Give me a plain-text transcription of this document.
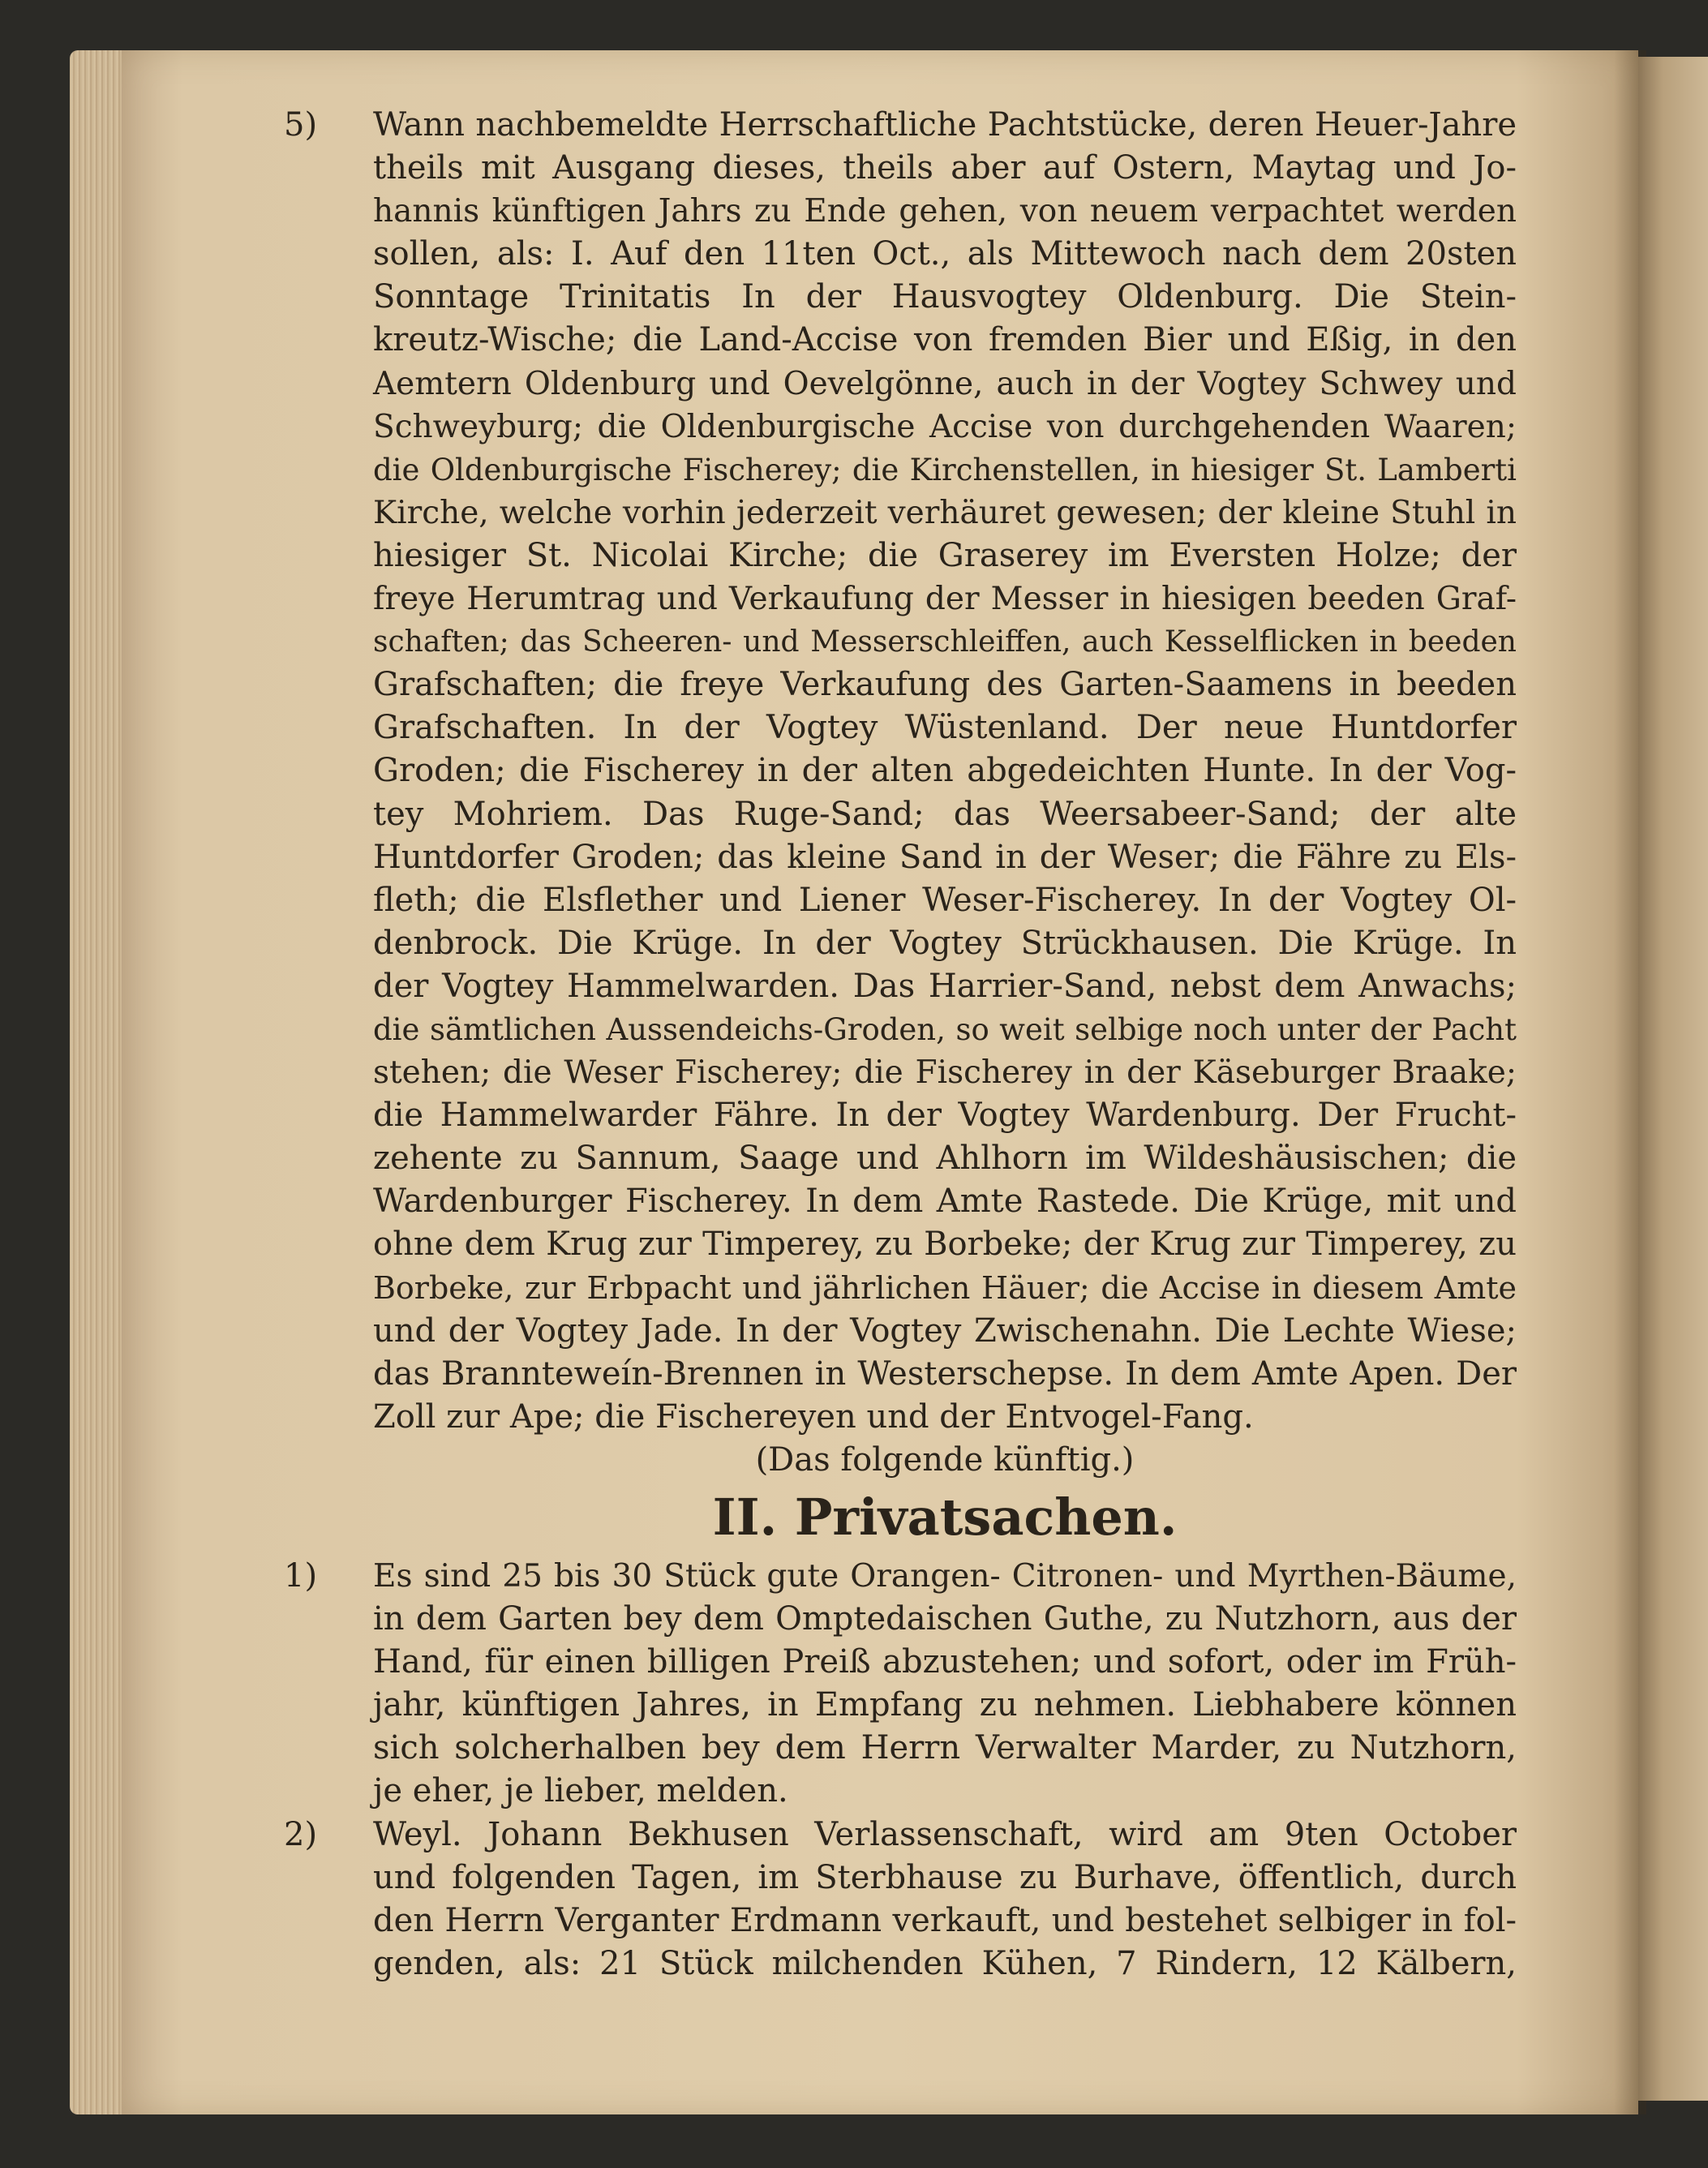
5)	Wann nachbemeldte Herrschaftliche Pachtstücke, deren Heuer-Jahre
theils mit Ausgang dieses, theils aber auf Ostern, Maytag und Jo-
hannis künftigen Jahrs zu Ende gehen, von neuem verpachtet werden
sollen, als: I. Auf den 11ten Oct., als Mittewoch nach dem 20sten
Sonntage Trinitatis In der Hausvogtey Oldenburg. Die Stein-
kreutz-Wische; die Land-Accise von fremden Bier und Eßig, in den
Aemtern Oldenburg und Oevelgönne, auch in der Vogtey Schwey und
Schweyburg; die Oldenburgische Accise von durchgehenden Waaren;
die Oldenburgische Fischerey; die Kirchenstellen, in hiesiger St. Lamberti
Kirche, welche vorhin jederzeit verhäuret gewesen; der kleine Stuhl in
hiesiger St. Nicolai Kirche; die Graserey im Eversten Holze; der
freye Herumtrag und Verkaufung der Messer in hiesigen beeden Graf-
schaften; das Scheeren- und Messerschleiffen, auch Kesselflicken in beeden
Grafschaften; die freye Verkaufung des Garten-Saamens in beeden
Grafschaften. In der Vogtey Wüstenland. Der neue Huntdorfer
Groden; die Fischerey in der alten abgedeichten Hunte. In der Vog-
tey Mohriem. Das Ruge-Sand; das Weersabeer-Sand; der alte
Huntdorfer Groden; das kleine Sand in der Weser; die Fähre zu Els-
fleth; die Elsflether und Liener Weser-Fischerey. In der Vogtey Ol-
denbrock. Die Krüge. In der Vogtey Strückhausen. Die Krüge. In
der Vogtey Hammelwarden. Das Harrier-Sand, nebst dem Anwachs;
die sämtlichen Aussendeichs-Groden, so weit selbige noch unter der Pacht
stehen; die Weser Fischerey; die Fischerey in der Käseburger Braake;
die Hammelwarder Fähre. In der Vogtey Wardenburg. Der Frucht-
zehente zu Sannum, Saage und Ahlhorn im Wildeshäusischen; die
Wardenburger Fischerey. In dem Amte Rastede. Die Krüge, mit und
ohne dem Krug zur Timperey, zu Borbeke; der Krug zur Timperey, zu
Borbeke, zur Erbpacht und jährlichen Häuer; die Accise in diesem Amte
und der Vogtey Jade. In der Vogtey Zwischenahn. Die Lechte Wiese;
das Brannteweín-Brennen in Westerschepse. In dem Amte Apen. Der
Zoll zur Ape; die Fischereyen und der Entvogel-Fang.
(Das folgende künftig.)
II. Privatsachen.
1)	Es sind 25 bis 30 Stück gute Orangen- Citronen- und Myrthen-Bäume,
in dem Garten bey dem Omptedaischen Guthe, zu Nutzhorn, aus der
Hand, für einen billigen Preiß abzustehen; und sofort, oder im Früh-
jahr, künftigen Jahres, in Empfang zu nehmen. Liebhabere können
sich solcherhalben bey dem Herrn Verwalter Marder, zu Nutzhorn,
je eher, je lieber, melden.
2)	Weyl. Johann Bekhusen Verlassenschaft, wird am 9ten October
und folgenden Tagen, im Sterbhause zu Burhave, öffentlich, durch
den Herrn Verganter Erdmann verkauft, und bestehet selbiger in fol-
genden, als: 21 Stück milchenden Kühen, 7 Rindern, 12 Kälbern,
